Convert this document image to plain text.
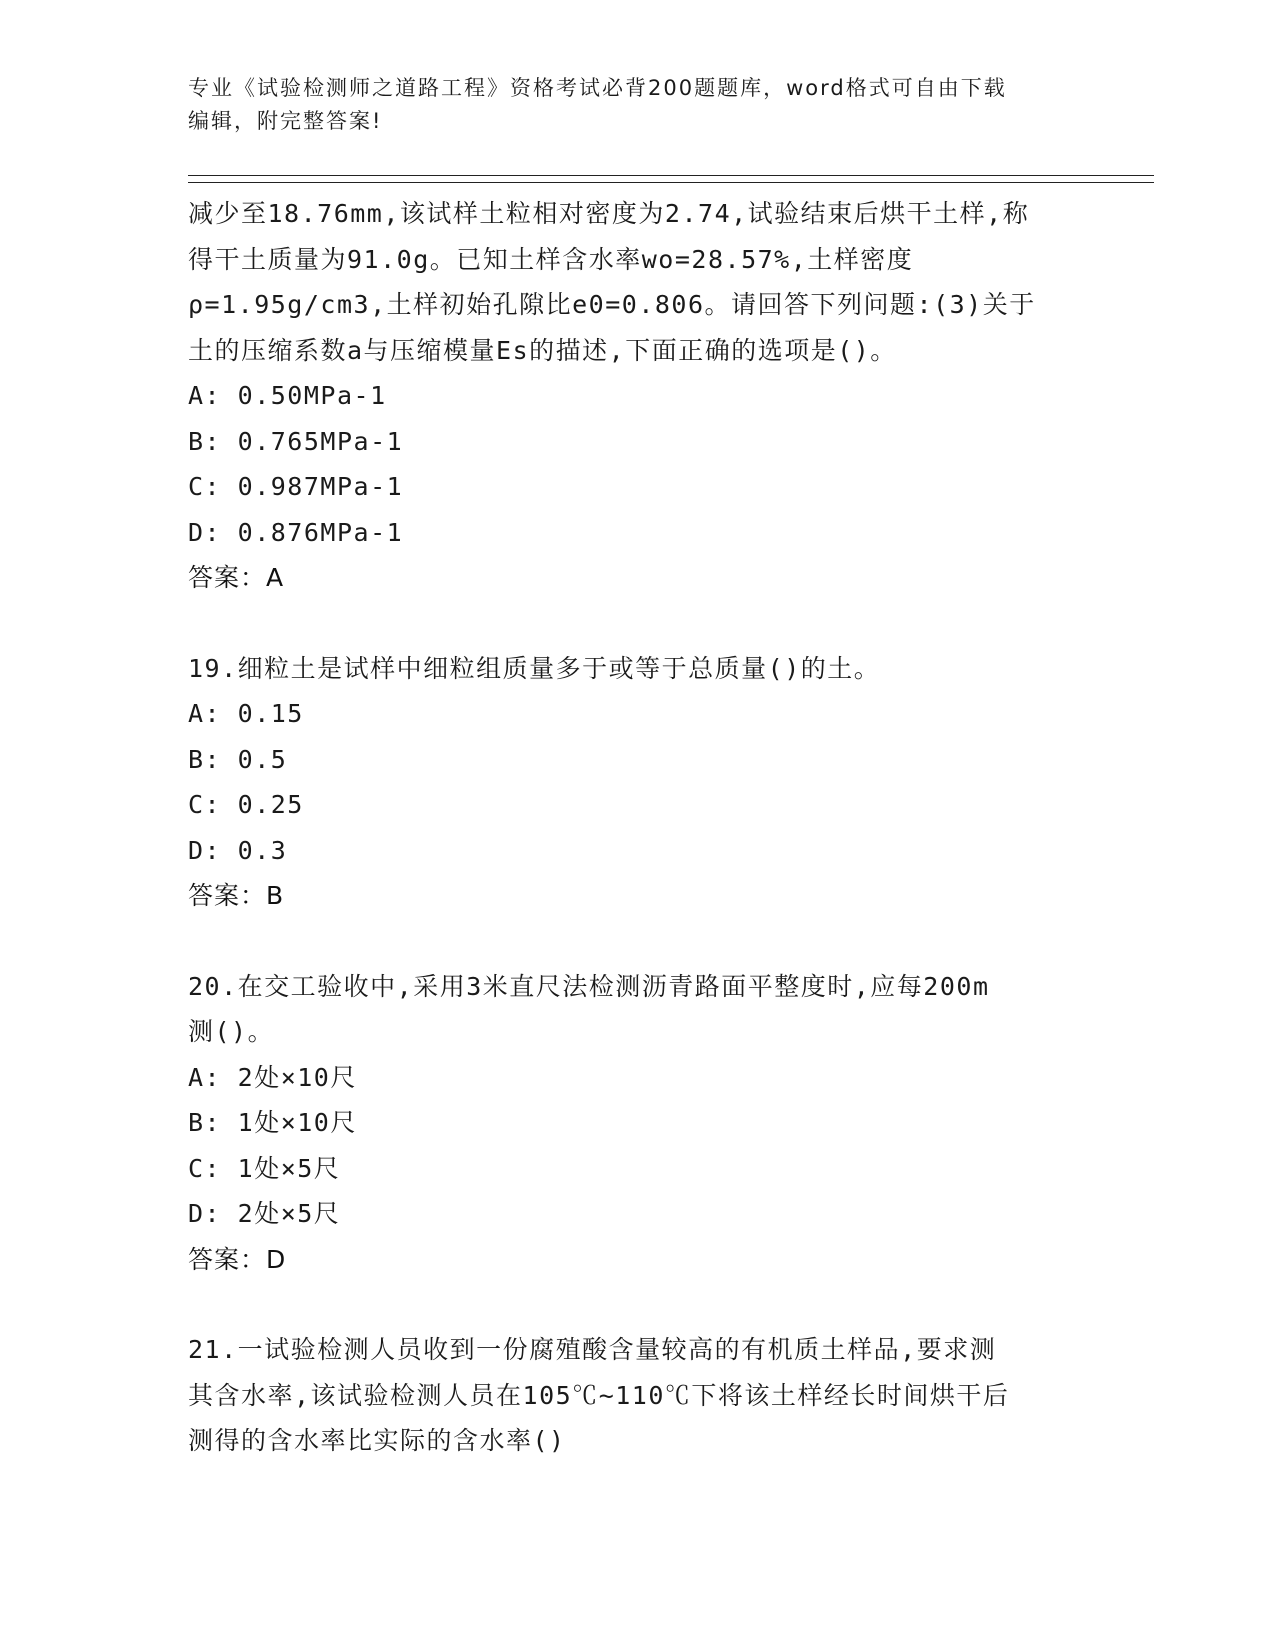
专业《试验检测师之道路工程》资格考试必背200题题库，word格式可自由下载
编辑，附完整答案!
减少至18.76mm,该试样土粒相对密度为2.74,试验结束后烘干土样,称
得干土质量为91.0g。已知土样含水率wo=28.57%,土样密度
ρ=1.95g/cm3,土样初始孔隙比e0=0.806。请回答下列问题:(3)关于
土的压缩系数a与压缩模量Es的描述,下面正确的选项是()。
A: 0.50MPa-1
B: 0.765MPa-1
C: 0.987MPa-1
D: 0.876MPa-1
答案：A
19.细粒土是试样中细粒组质量多于或等于总质量()的土。
A: 0.15
B: 0.5
C: 0.25
D: 0.3
答案：B
20.在交工验收中,采用3米直尺法检测沥青路面平整度时,应每200m
测()。
A: 2处×10尺
B: 1处×10尺
C: 1处×5尺
D: 2处×5尺
答案：D
21.一试验检测人员收到一份腐殖酸含量较高的有机质土样品,要求测
其含水率,该试验检测人员在105℃~110℃下将该土样经长时间烘干后
测得的含水率比实际的含水率()
